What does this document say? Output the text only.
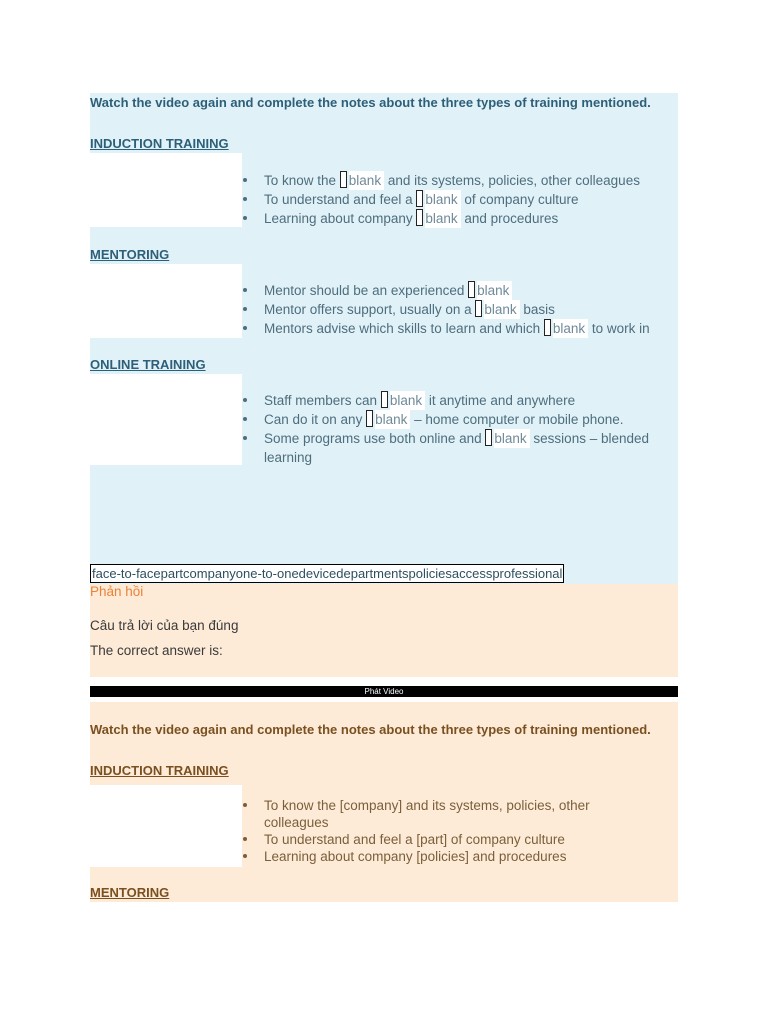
Watch the video again and complete the notes about the three types of training mentioned.
INDUCTION TRAINING
To know the blank and its systems, policies, other colleagues
To understand and feel a blank of company culture
Learning about company blank and procedures
MENTORING
Mentor should be an experienced blank
Mentor offers support, usually on a blank basis
Mentors advise which skills to learn and which blank to work in
ONLINE TRAINING
Staff members can blank it anytime and anywhere
Can do it on any blank – home computer or mobile phone.
Some programs use both online and blank sessions – blended learning
face-to-facepartcompanyone-to-onedevicedepartmentspoliciesaccessprofessional
Phản hồi
Câu trả lời của bạn đúng
The correct answer is:
Phát Video
Watch the video again and complete the notes about the three types of training mentioned.
INDUCTION TRAINING
To know the [company] and its systems, policies, other colleagues
To understand and feel a [part] of company culture
Learning about company [policies] and procedures
MENTORING
